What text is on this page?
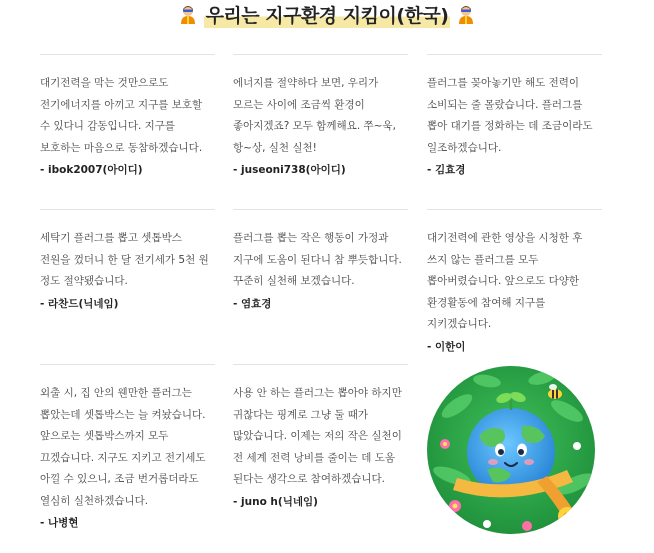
우리는 지구환경 지킴이(한국)
대기전력을 막는 것만으로도 전기에너지를 아끼고 지구를 보호할 수 있다니 감동입니다. 지구를 보호하는 마음으로 동참하겠습니다.
- ibok2007(아이디)
에너지를 절약하다 보면, 우리가 모르는 사이에 조금씩 환경이 좋아지겠죠? 모두 함께해요. 쭈~욱, 항~상, 실천 실천!
- juseoni738(아이디)
플러그를 꽂아놓기만 해도 전력이 소비되는 줄 몰랐습니다. 플러그를 뽑아 대기를 정화하는 데 조금이라도 일조하겠습니다.
- 김효경
세탁기 플러그를 뽑고 셋톱박스 전원을 껐더니 한 달 전기세가 5천 원 정도 절약됐습니다.
- 라찬드(닉네임)
플러그를 뽑는 작은 행동이 가정과 지구에 도움이 된다니 참 뿌듯합니다. 꾸준히 실천해 보겠습니다.
- 염효경
대기전력에 관한 영상을 시청한 후 쓰지 않는 플러그를 모두 뽑아버렸습니다. 앞으로도 다양한 환경활동에 참여해 지구를 지키겠습니다.
- 이한이
외출 시, 집 안의 웬만한 플러그는 뽑았는데 셋톱박스는 늘 켜놨습니다. 앞으로는 셋톱박스까지 모두 끄겠습니다. 지구도 지키고 전기세도 아낄 수 있으니, 조금 번거롭더라도 열심히 실천하겠습니다.
- 나병현
사용 안 하는 플러그는 뽑아야 하지만 귀찮다는 핑계로 그냥 둘 때가 많았습니다. 이제는 저의 작은 실천이 전 세계 전력 낭비를 줄이는 데 도움 된다는 생각으로 참여하겠습니다.
- juno h(닉네임)
